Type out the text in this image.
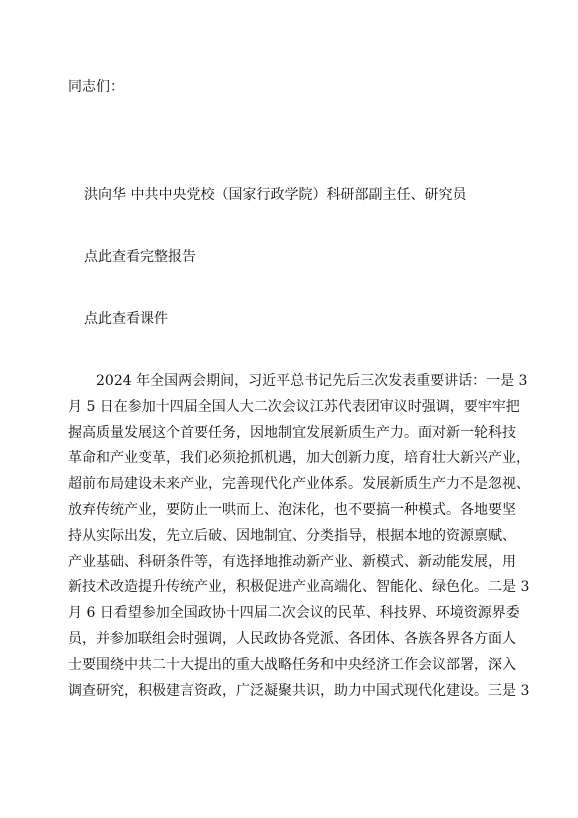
同志们：
洪向华 中共中央党校（国家行政学院）科研部副主任、研究员
点此查看完整报告
点此查看课件
2024 年全国两会期间，习近平总书记先后三次发表重要讲话：一是 3
月 5 日在参加十四届全国人大二次会议江苏代表团审议时强调，要牢牢把
握高质量发展这个首要任务，因地制宜发展新质生产力。面对新一轮科技
革命和产业变革，我们必须抢抓机遇，加大创新力度，培育壮大新兴产业，
超前布局建设未来产业，完善现代化产业体系。发展新质生产力不是忽视、
放弃传统产业，要防止一哄而上、泡沫化，也不要搞一种模式。各地要坚
持从实际出发，先立后破、因地制宜、分类指导，根据本地的资源禀赋、
产业基础、科研条件等，有选择地推动新产业、新模式、新动能发展，用
新技术改造提升传统产业，积极促进产业高端化、智能化、绿色化。二是 3
月 6 日看望参加全国政协十四届二次会议的民革、科技界、环境资源界委
员，并参加联组会时强调，人民政协各党派、各团体、各族各界各方面人
士要围绕中共二十大提出的重大战略任务和中央经济工作会议部署，深入
调查研究，积极建言资政，广泛凝聚共识，助力中国式现代化建设。三是 3
